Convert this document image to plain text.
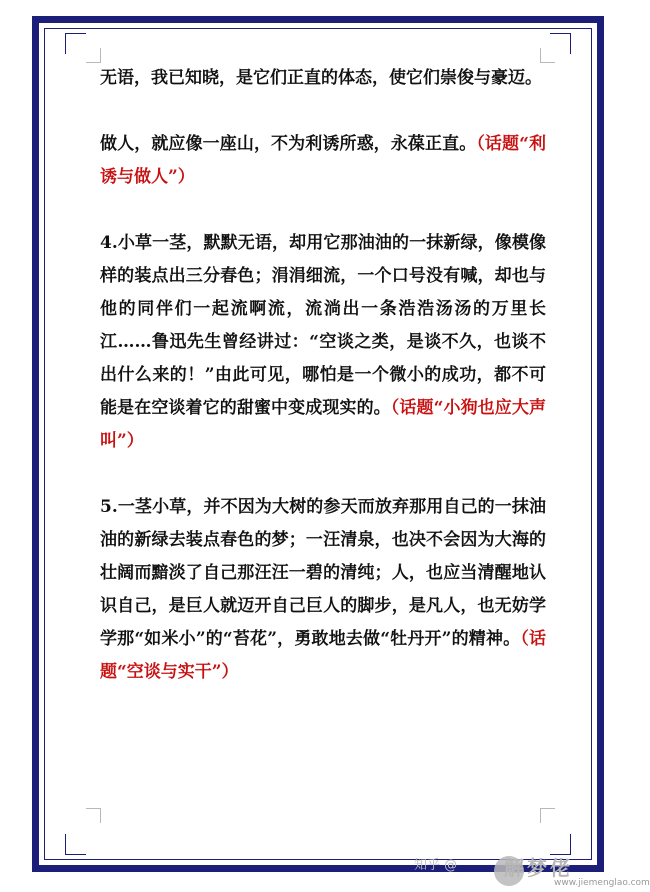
无语，我已知晓，是它们正直的体态，使它们崇俊与豪迈。

做人，就应像一座山，不为利诱所惑，永葆正直。（话题“利诱与做人”）

4.小草一茎，默默无语，却用它那油油的一抹新绿，像模像样的装点出三分春色；涓涓细流，一个口号没有喊，却也与他的同伴们一起流啊流，流淌出一条浩浩汤汤的万里长江……鲁迅先生曾经讲过：“空谈之类，是谈不久，也谈不出什么来的！”由此可见，哪怕是一个微小的成功，都不可能是在空谈着它的甜蜜中变成现实的。（话题“小狗也应大声叫”）

5.一茎小草，并不因为大树的参天而放弃那用自己的一抹油油的新绿去装点春色的梦；一汪清泉，也决不会因为大海的壮阔而黯淡了自己那汪汪一碧的清纯；人，也应当清醒地认识自己，是巨人就迈开自己巨人的脚步，是凡人，也无妨学学那“如米小”的“苔花”，勇敢地去做“牡丹开”的精神。（话题“空谈与实干”）

知乎 @ 解梦佬
www.jiemenglao.com
